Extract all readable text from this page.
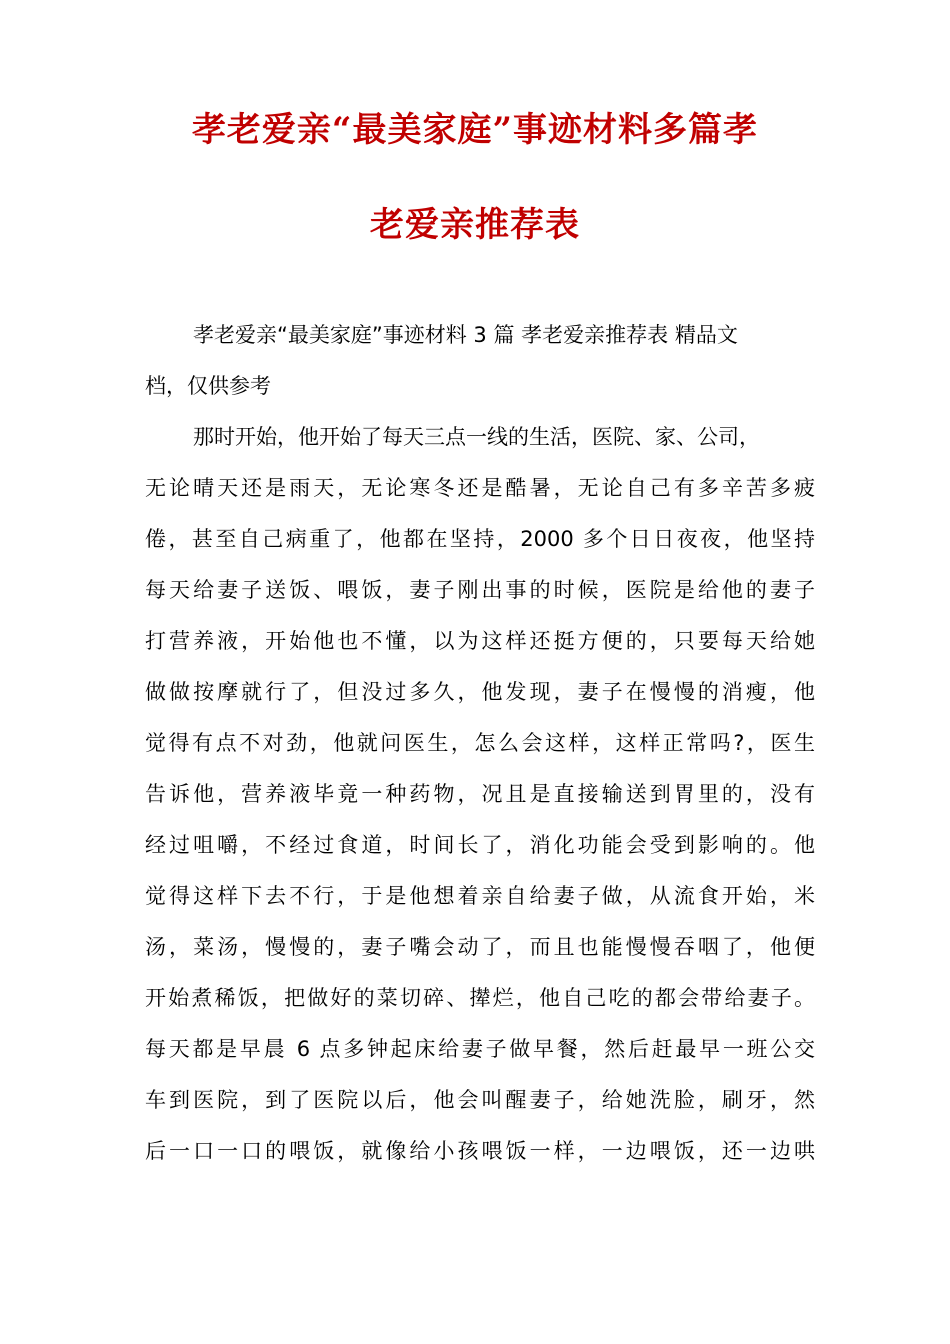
孝老爱亲“最美家庭”事迹材料多篇孝
老爱亲推荐表
孝老爱亲“最美家庭”事迹材料 3 篇 孝老爱亲推荐表 精品文
档，仅供参考
那时开始，他开始了每天三点一线的生活，医院、家、公司，
无论晴天还是雨天，无论寒冬还是酷暑，无论自己有多辛苦多疲
倦，甚至自己病重了，他都在坚持，2000 多个日日夜夜，他坚持
每天给妻子送饭、喂饭，妻子刚出事的时候，医院是给他的妻子
打营养液，开始他也不懂，以为这样还挺方便的，只要每天给她
做做按摩就行了，但没过多久，他发现，妻子在慢慢的消瘦，他
觉得有点不对劲，他就问医生，怎么会这样，这样正常吗?，医生
告诉他，营养液毕竟一种药物，况且是直接输送到胃里的，没有
经过咀嚼，不经过食道，时间长了，消化功能会受到影响的。他
觉得这样下去不行，于是他想着亲自给妻子做，从流食开始，米
汤，菜汤，慢慢的，妻子嘴会动了，而且也能慢慢吞咽了，他便
开始煮稀饭，把做好的菜切碎、撵烂，他自己吃的都会带给妻子。
每天都是早晨 6 点多钟起床给妻子做早餐，然后赶最早一班公交
车到医院，到了医院以后，他会叫醒妻子，给她洗脸，刷牙，然
后一口一口的喂饭，就像给小孩喂饭一样，一边喂饭，还一边哄
